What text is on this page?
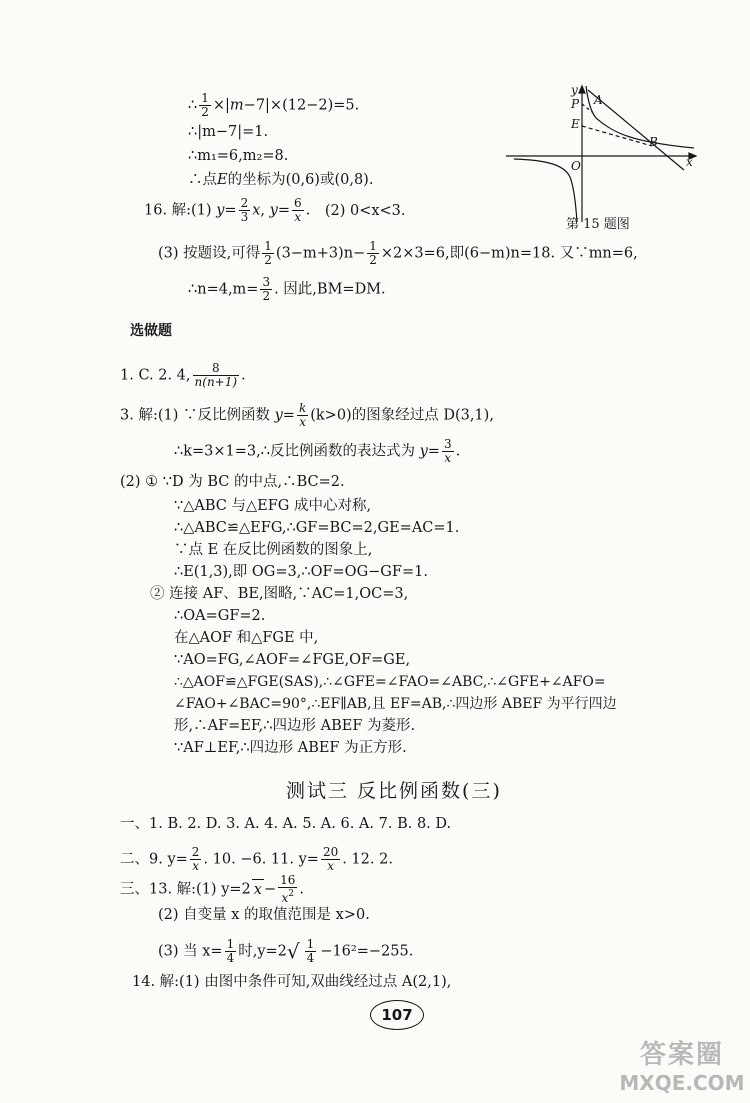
∴ $\frac{1}{2} \times|m-7|\times(12-2)=5$.
∴|m−7|=1.
∴m₁=6,m₂=8.
∴点E的坐标为(0,6)或(0,8).
16. 解:(1) $y= \frac{2}{3} x$, $y= \frac{6}{x}$ . (2) 0<x<3.
(3) 按题设,可得 $\frac{1}{2} (3-m+3)n- \frac{1}{2} \times 2\times 3=6$,即(6−m)n=18. 又∵mn=6,
∴n=4,m= $\frac{3}{2}$ . 因此,BM=DM.
y
x
O
P A
E
B
第 15 题图
选做题
1. C. 2. 4, $\frac{8}{n(n+1)}$ .
3. 解:(1) ∵反比例函数 $y= \frac{k}{x} (k>0)$的图象经过点 D(3,1),
∴k=3×1=3,∴反比例函数的表达式为 $y= \frac{3}{x}$ .
(2) ① ∵D 为 BC 的中点,∴BC=2.
∵△ABC 与△EFG 成中心对称,
∴△ABC≌△EFG,∴GF=BC=2,GE=AC=1.
∵点 E 在反比例函数的图象上,
∴E(1,3),即 OG=3,∴OF=OG−GF=1.
② 连接 AF、BE,图略,∵AC=1,OC=3,
∴OA=GF=2.
在△AOF 和△FGE 中,
∵AO=FG,∠AOF=∠FGE,OF=GE,
∴△AOF≌△FGE(SAS),∴∠GFE=∠FAO=∠ABC,∴∠GFE+∠AFO=
∠FAO+∠BAC=90°,∴EF∥AB,且 EF=AB,∴四边形 ABEF 为平行四边
形,∴AF=EF,∴四边形 ABEF 为菱形.
∵AF⊥EF,∴四边形 ABEF 为正方形.
测试三 反比例函数(三)
一、1. B. 2. D. 3. A. 4. A. 5. A. 6. A. 7. B. 8. D.
二、9. $y= \frac{2}{x}$ . 10. −6. 11. $y= \frac{20}{x}$ . 12. 2.
三、13. 解:(1) y=2 $x - \frac{16}{x^2}$ .
(2) 自变量 x 的取值范围是 x>0.
(3) 当 $x= \frac{1}{4}$ 时$,y=2√ \frac{1}{4} -16^2=-255$.
14. 解:(1) 由图中条件可知,双曲线经过点 A(2,1),
107
答案圈
MXQE.COM
